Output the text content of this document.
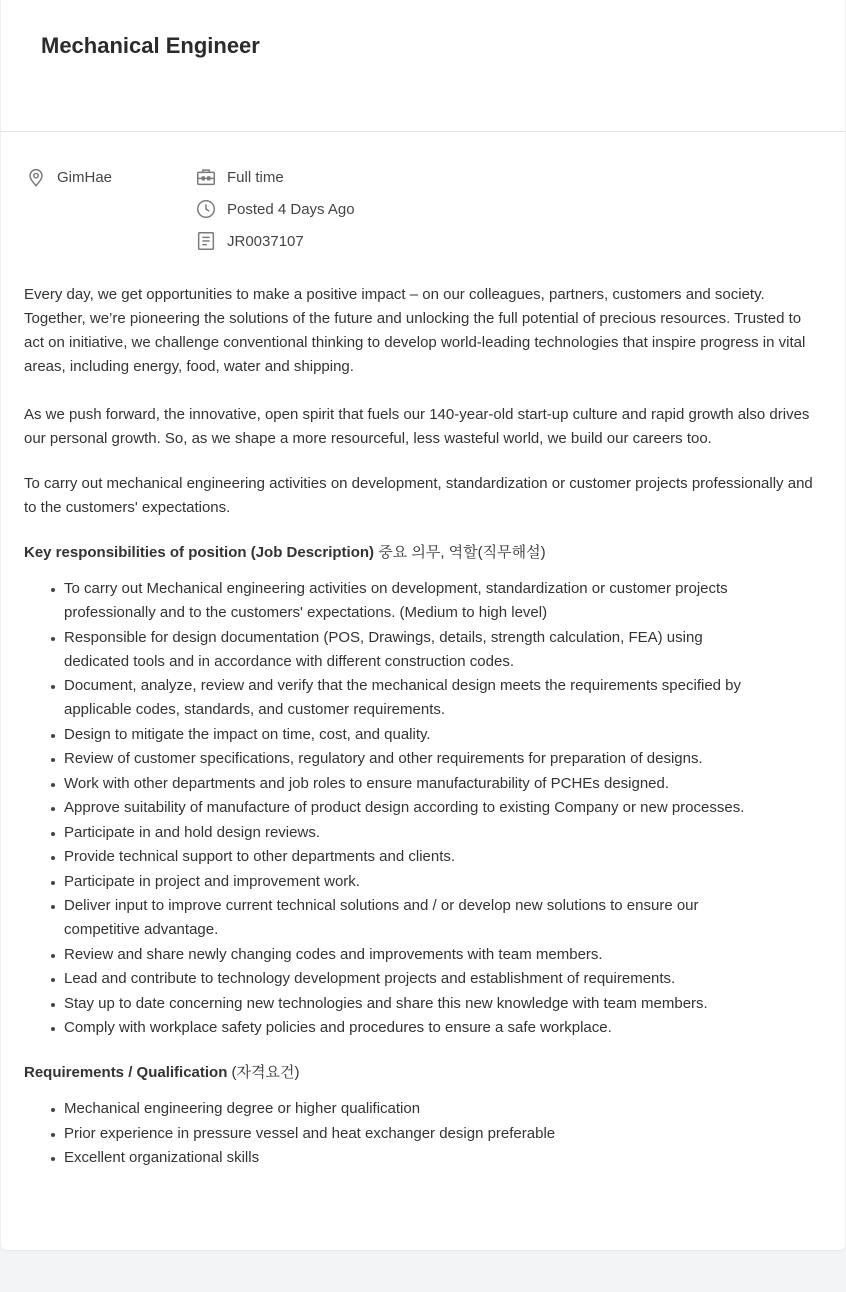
Mechanical Engineer
GimHae	Full time
Posted 4 Days Ago
JR0037107

Every day, we get opportunities to make a positive impact – on our colleagues, partners, customers and society. Together, we’re pioneering the solutions of the future and unlocking the full potential of precious resources. Trusted to act on initiative, we challenge conventional thinking to develop world-leading technologies that inspire progress in vital areas, including energy, food, water and shipping.

As we push forward, the innovative, open spirit that fuels our 140-year-old start-up culture and rapid growth also drives our personal growth. So, as we shape a more resourceful, less wasteful world, we build our careers too.

To carry out mechanical engineering activities on development, standardization or customer projects professionally and to the customers' expectations.

Key responsibilities of position (Job Description) 중요 의무, 역할(직무해설)

To carry out Mechanical engineering activities on development, standardization or customer projects professionally and to the customers' expectations. (Medium to high level)
Responsible for design documentation (POS, Drawings, details, strength calculation, FEA) using dedicated tools and in accordance with different construction codes.
Document, analyze, review and verify that the mechanical design meets the requirements specified by
applicable codes, standards, and customer requirements.
Design to mitigate the impact on time, cost, and quality.
Review of customer specifications, regulatory and other requirements for preparation of designs.
Work with other departments and job roles to ensure manufacturability of PCHEs designed.
Approve suitability of manufacture of product design according to existing Company or new processes.
Participate in and hold design reviews.
Provide technical support to other departments and clients.
Participate in project and improvement work.
Deliver input to improve current technical solutions and / or develop new solutions to ensure our competitive advantage.
Review and share newly changing codes and improvements with team members.
Lead and contribute to technology development projects and establishment of requirements.
Stay up to date concerning new technologies and share this new knowledge with team members.
Comply with workplace safety policies and procedures to ensure a safe workplace.

Requirements / Qualification (자격요건)

Mechanical engineering degree or higher qualification
Prior experience in pressure vessel and heat exchanger design preferable
Excellent organizational skills
